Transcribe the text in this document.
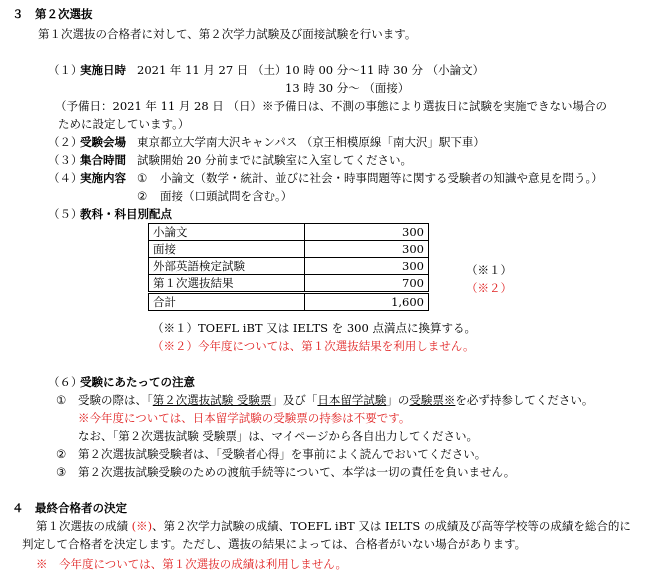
３　第２次選抜
第１次選抜の合格者に対して、第２次学力試験及び面接試験を行います。
（１）
実施日時 2021 年 11 月 27 日 （土）
10 時 00 分～11 時 30 分 （小論文）
13 時 30 分～ （面接）
（予備日：2021 年 11 月 28 日 （日）※予備日は、不測の事態により選抜日に試験を実施できない場合の
ために設定しています。）
（２）
受験会場 東京都立大学南大沢キャンパス （京王相模原線「南大沢」駅下車）
（３）
集合時間 試験開始 20 分前までに試験室に入室してください。
（４）
実施内容 ① 小論文（数学・統計、並びに社会・時事問題等に関する受験者の知識や意見を問う。）
② 面接（口頭試問を含む。）
（５）
教科・科目別配点
小論文	300
面接	300
外部英語検定試験	300
第１次選抜結果	700
合計	1,600
（※１）
（※２）
（※１）TOEFL iBT 又は IELTS を 300 点満点に換算する。
（※２）今年度については、第１次選抜結果を利用しません。
（６）
受験にあたっての注意
① 受験の際は、「第２次選抜試験 受験票」及び「日本留学試験」の受験票※を必ず持参してください。
※今年度については、日本留学試験の受験票の持参は不要です。
なお、「第２次選抜試験 受験票」は、マイページから各自出力してください。
② 第２次選抜試験受験者は、「受験者心得」を事前によく読んでおいてください。
③ 第２次選抜試験受験のための渡航手続等について、本学は一切の責任を負いません。
４　最終合格者の決定
第１次選抜の成績 (※)、第２次学力試験の成績、TOEFL iBT 又は IELTS の成績及び高等学校等の成績を総合的に
判定して合格者を決定します。ただし、選抜の結果によっては、合格者がいない場合があります。
※　今年度については、第１次選抜の成績は利用しません。
